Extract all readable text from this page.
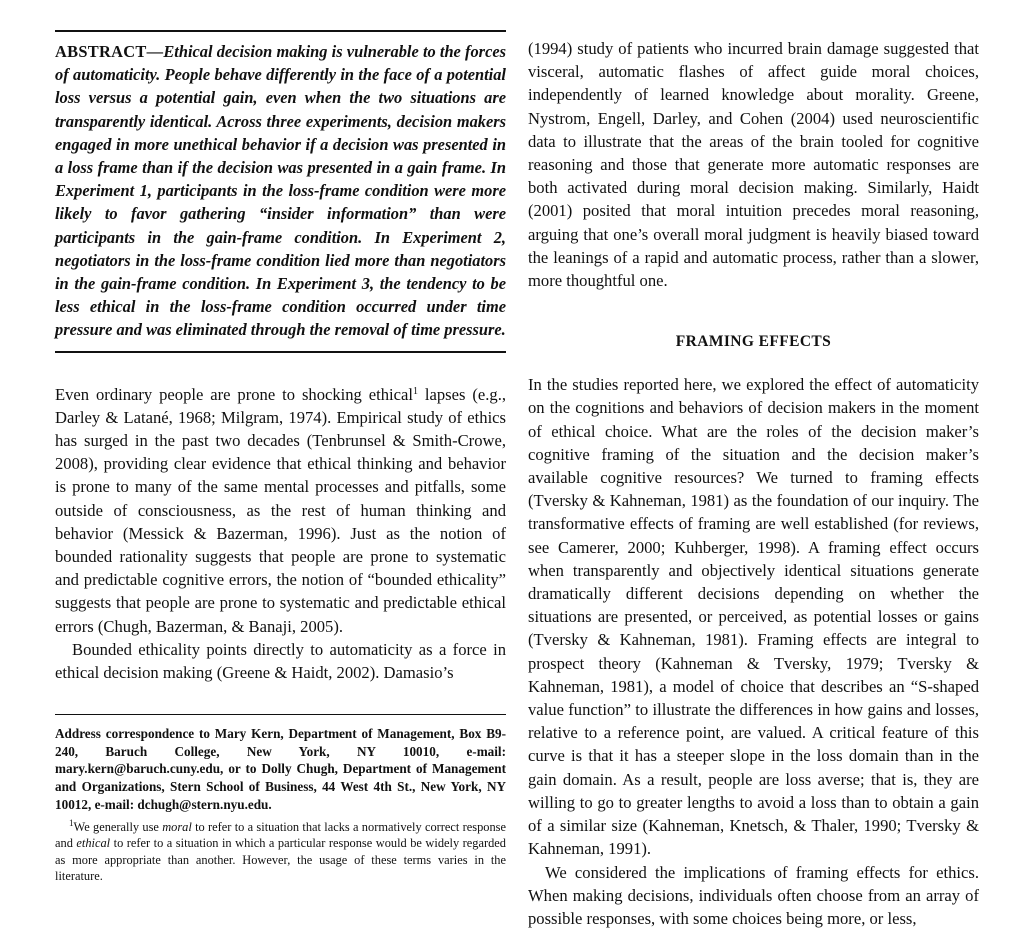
ABSTRACT—Ethical decision making is vulnerable to the forces of automaticity. People behave differently in the face of a potential loss versus a potential gain, even when the two situations are transparently identical. Across three experiments, decision makers engaged in more unethical behavior if a decision was presented in a loss frame than if the decision was presented in a gain frame. In Experiment 1, participants in the loss-frame condition were more likely to favor gathering “insider information” than were participants in the gain-frame condition. In Experiment 2, negotiators in the loss-frame condition lied more than negotiators in the gain-frame condition. In Experiment 3, the tendency to be less ethical in the loss-frame condition occurred under time pressure and was eliminated through the removal of time pressure.

Even ordinary people are prone to shocking ethical$^1$ lapses (e.g., Darley & Latané, 1968; Milgram, 1974). Empirical study of ethics has surged in the past two decades (Tenbrunsel & Smith-Crowe, 2008), providing clear evidence that ethical thinking and behavior is prone to many of the same mental processes and pitfalls, some outside of consciousness, as the rest of human thinking and behavior (Messick & Bazerman, 1996). Just as the notion of bounded rationality suggests that people are prone to systematic and predictable cognitive errors, the notion of “bounded ethicality” suggests that people are prone to systematic and predictable ethical errors (Chugh, Bazerman, & Banaji, 2005).

Bounded ethicality points directly to automaticity as a force in ethical decision making (Greene & Haidt, 2002). Damasio’s

Address correspondence to Mary Kern, Department of Management, Box B9-240, Baruch College, New York, NY 10010, e-mail: mary.kern@baruch.cuny.edu, or to Dolly Chugh, Department of Management and Organizations, Stern School of Business, 44 West 4th St., New York, NY 10012, e-mail: dchugh@stern.nyu.edu.

$^1$We generally use moral to refer to a situation that lacks a normatively correct response and ethical to refer to a situation in which a particular response would be widely regarded as more appropriate than another. However, the usage of these terms varies in the literature.

(1994) study of patients who incurred brain damage suggested that visceral, automatic flashes of affect guide moral choices, independently of learned knowledge about morality. Greene, Nystrom, Engell, Darley, and Cohen (2004) used neuroscientific data to illustrate that the areas of the brain tooled for cognitive reasoning and those that generate more automatic responses are both activated during moral decision making. Similarly, Haidt (2001) posited that moral intuition precedes moral reasoning, arguing that one’s overall moral judgment is heavily biased toward the leanings of a rapid and automatic process, rather than a slower, more thoughtful one.

FRAMING EFFECTS

In the studies reported here, we explored the effect of automaticity on the cognitions and behaviors of decision makers in the moment of ethical choice. What are the roles of the decision maker’s cognitive framing of the situation and the decision maker’s available cognitive resources? We turned to framing effects (Tversky & Kahneman, 1981) as the foundation of our inquiry. The transformative effects of framing are well established (for reviews, see Camerer, 2000; Kuhberger, 1998). A framing effect occurs when transparently and objectively identical situations generate dramatically different decisions depending on whether the situations are presented, or perceived, as potential losses or gains (Tversky & Kahneman, 1981). Framing effects are integral to prospect theory (Kahneman & Tversky, 1979; Tversky & Kahneman, 1981), a model of choice that describes an “S-shaped value function” to illustrate the differences in how gains and losses, relative to a reference point, are valued. A critical feature of this curve is that it has a steeper slope in the loss domain than in the gain domain. As a result, people are loss averse; that is, they are willing to go to greater lengths to avoid a loss than to obtain a gain of a similar size (Kahneman, Knetsch, & Thaler, 1990; Tversky & Kahneman, 1991).

We considered the implications of framing effects for ethics. When making decisions, individuals often choose from an array of possible responses, with some choices being more, or less,
